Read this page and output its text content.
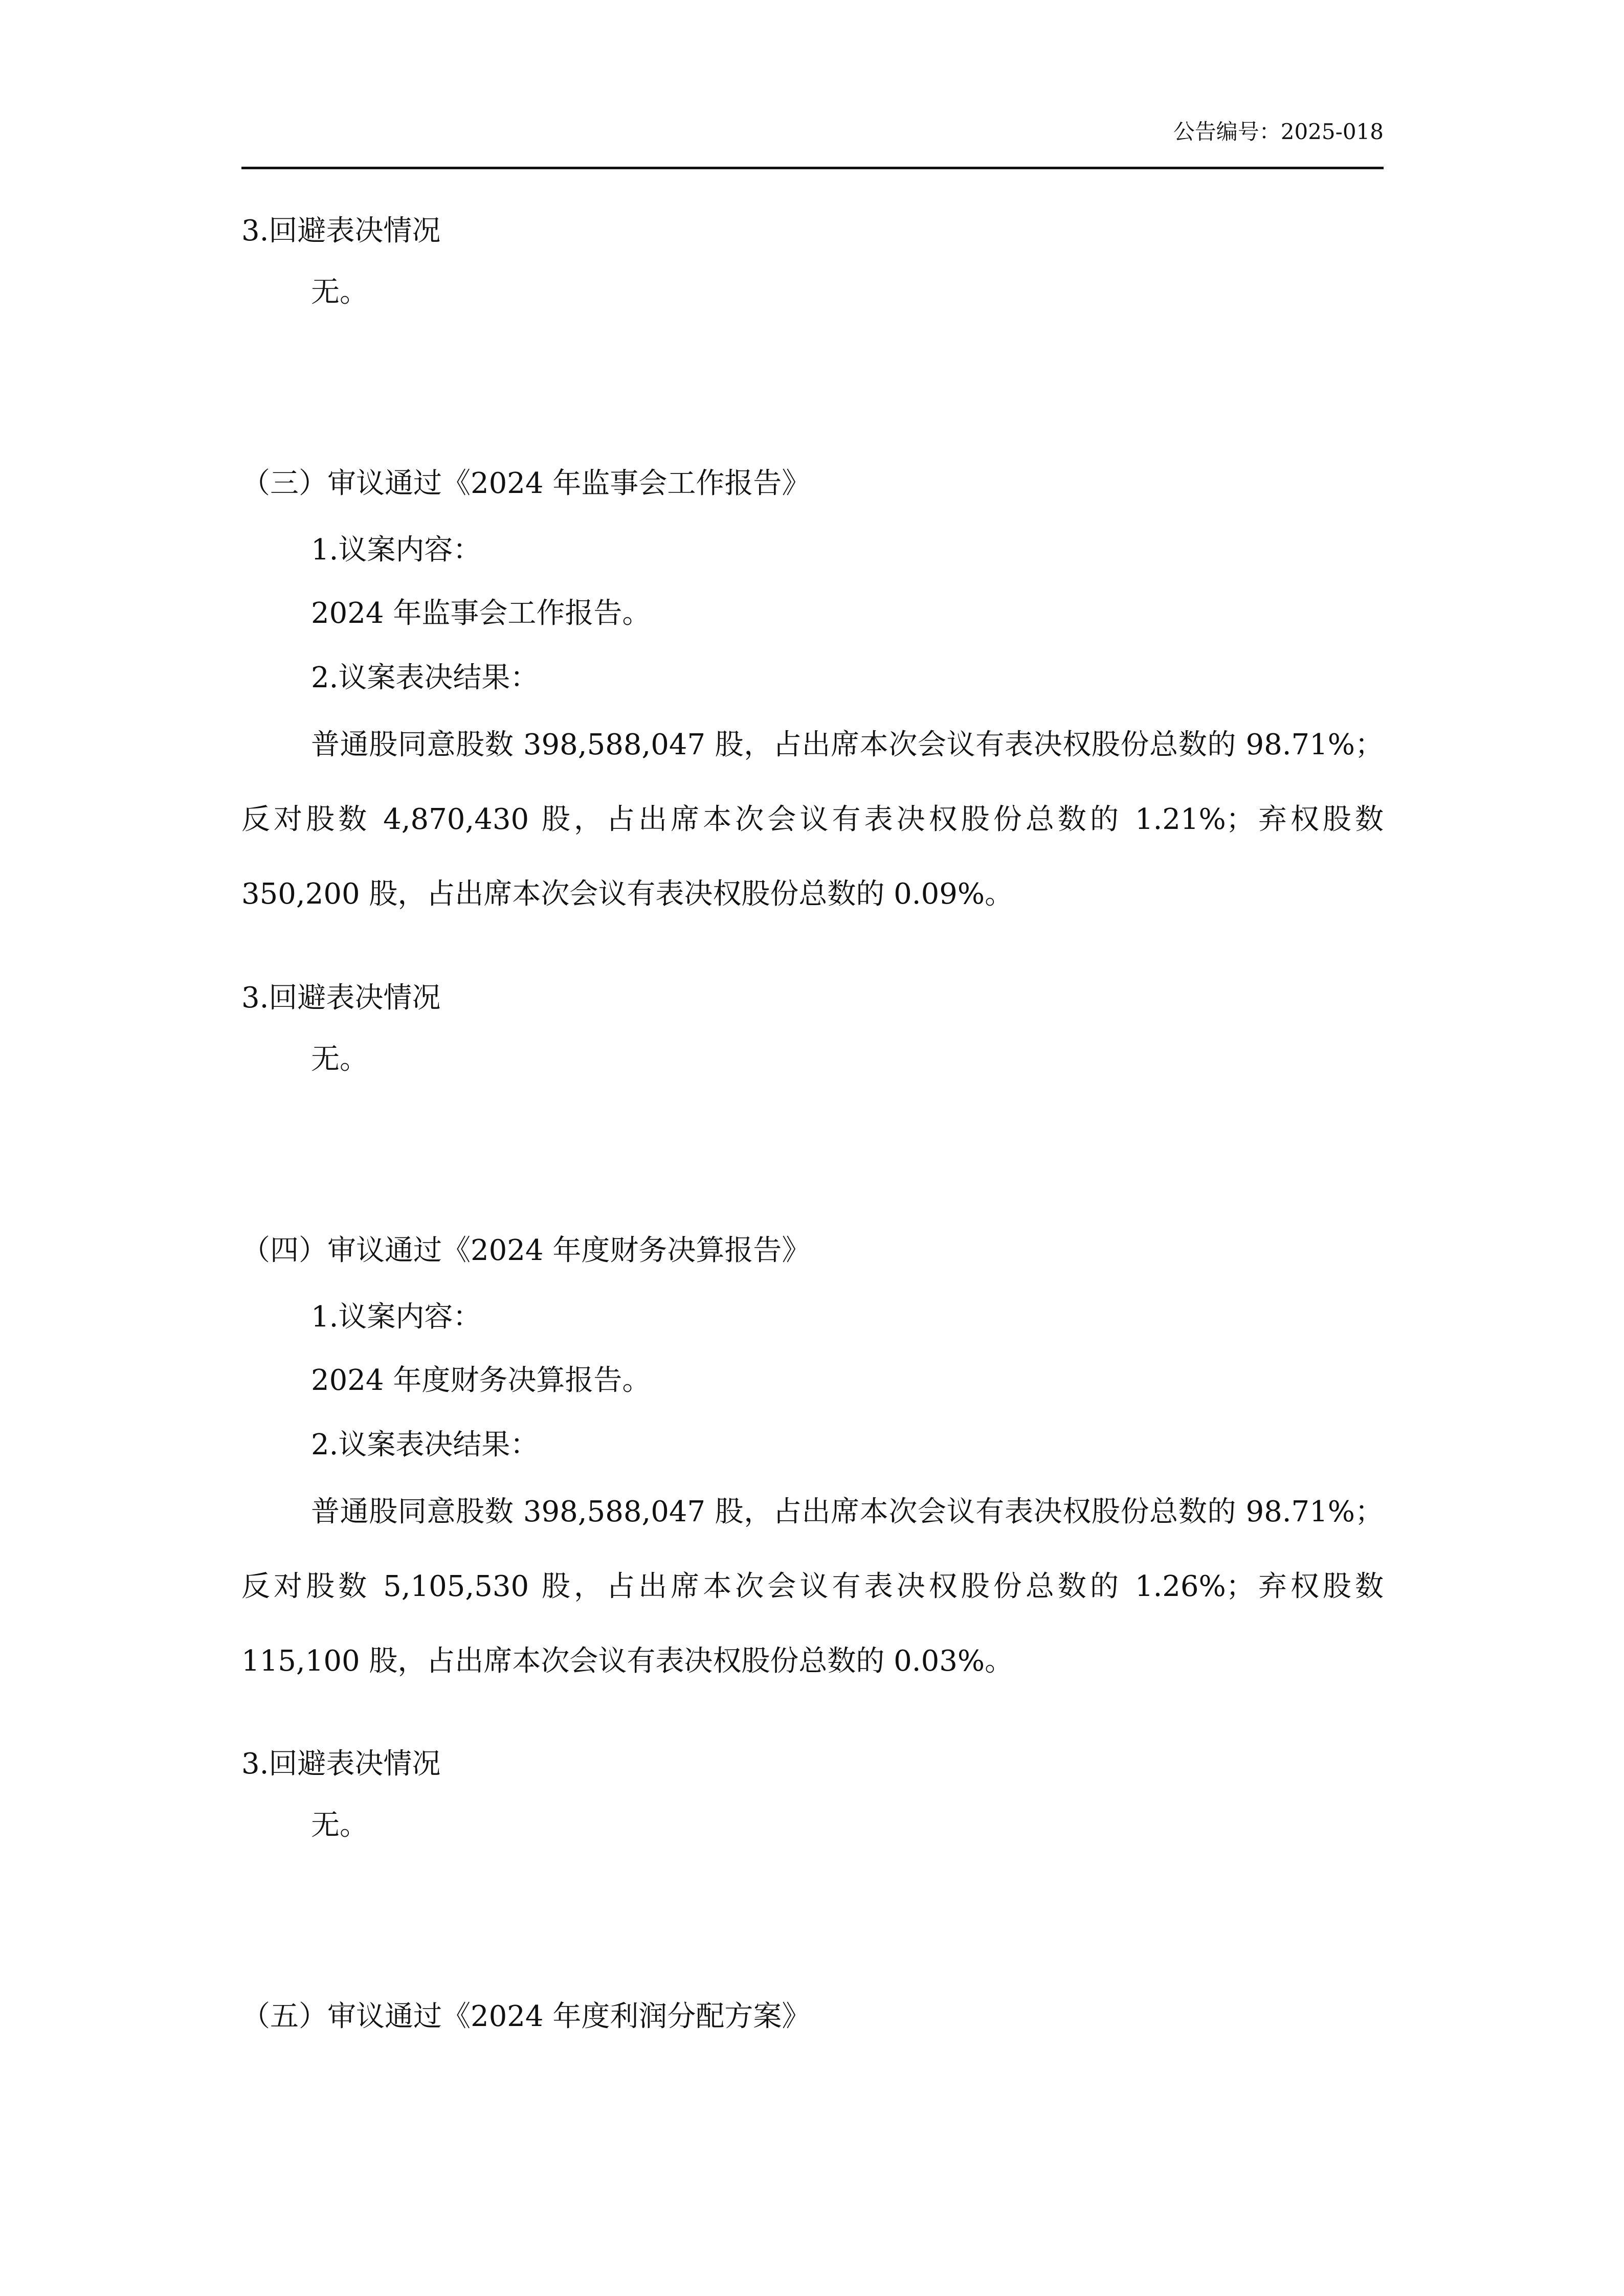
公告编号：2025-018
3.回避表决情况
无。
（三）审议通过《2024 年监事会工作报告》
1.议案内容：
2024 年监事会工作报告。
2.议案表决结果：
普通股同意股数 398,588,047 股，占出席本次会议有表决权股份总数的 98.71%；反对股数 4,870,430 股，占出席本次会议有表决权股份总数的 1.21%；弃权股数 350,200 股，占出席本次会议有表决权股份总数的 0.09%。
3.回避表决情况
无。
（四）审议通过《2024 年度财务决算报告》
1.议案内容：
2024 年度财务决算报告。
2.议案表决结果：
普通股同意股数 398,588,047 股，占出席本次会议有表决权股份总数的 98.71%；反对股数 5,105,530 股，占出席本次会议有表决权股份总数的 1.26%；弃权股数 115,100 股，占出席本次会议有表决权股份总数的 0.03%。
3.回避表决情况
无。
（五）审议通过《2024 年度利润分配方案》
